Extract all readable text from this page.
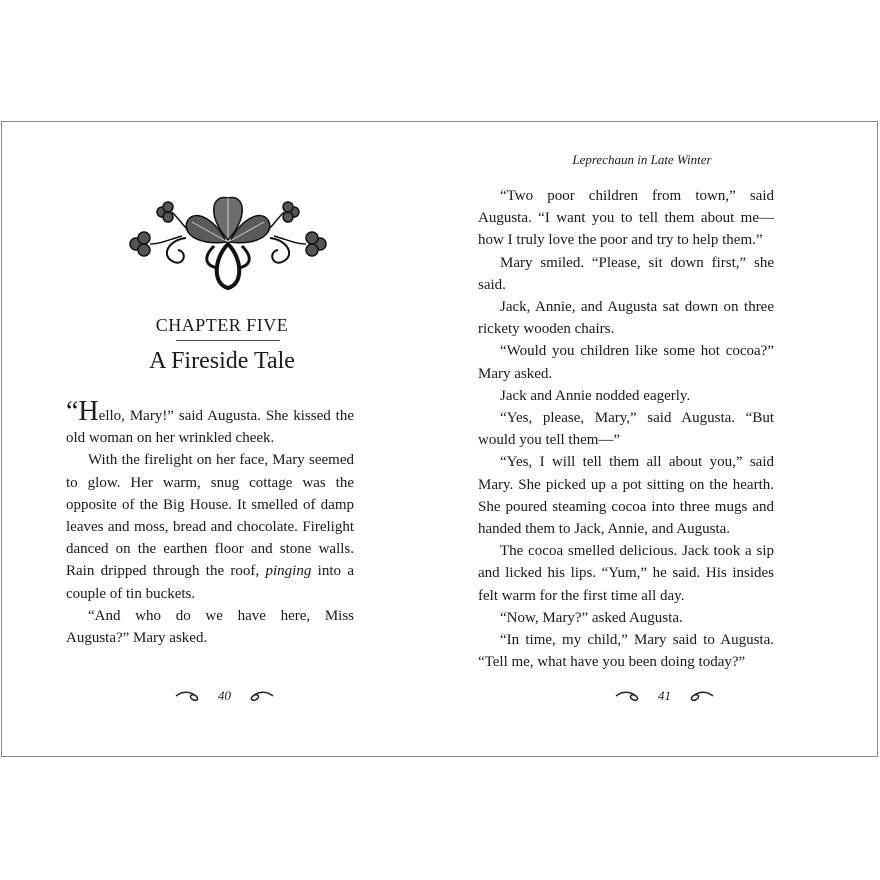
CHAPTER FIVE
A Fireside Tale

“Hello, Mary!” said Augusta. She kissed the old woman on her wrinkled cheek.

With the firelight on her face, Mary seemed to glow. Her warm, snug cottage was the opposite of the Big House. It smelled of damp leaves and moss, bread and chocolate. Firelight danced on the earthen floor and stone walls. Rain dripped through the roof, pinging into a couple of tin buckets.

“And who do we have here, Miss Augusta?” Mary asked.

40
Leprechaun in Late Winter

“Two poor children from town,” said Augusta. “I want you to tell them about me—how I truly love the poor and try to help them.”

Mary smiled. “Please, sit down first,” she said.

Jack, Annie, and Augusta sat down on three rickety wooden chairs.

“Would you children like some hot cocoa?” Mary asked.

Jack and Annie nodded eagerly.

“Yes, please, Mary,” said Augusta. “But would you tell them—”

“Yes, I will tell them all about you,” said Mary. She picked up a pot sitting on the hearth. She poured steaming cocoa into three mugs and handed them to Jack, Annie, and Augusta.

The cocoa smelled delicious. Jack took a sip and licked his lips. “Yum,” he said. His insides felt warm for the first time all day.

“Now, Mary?” asked Augusta.

“In time, my child,” Mary said to Augusta. “Tell me, what have you been doing today?”

41
